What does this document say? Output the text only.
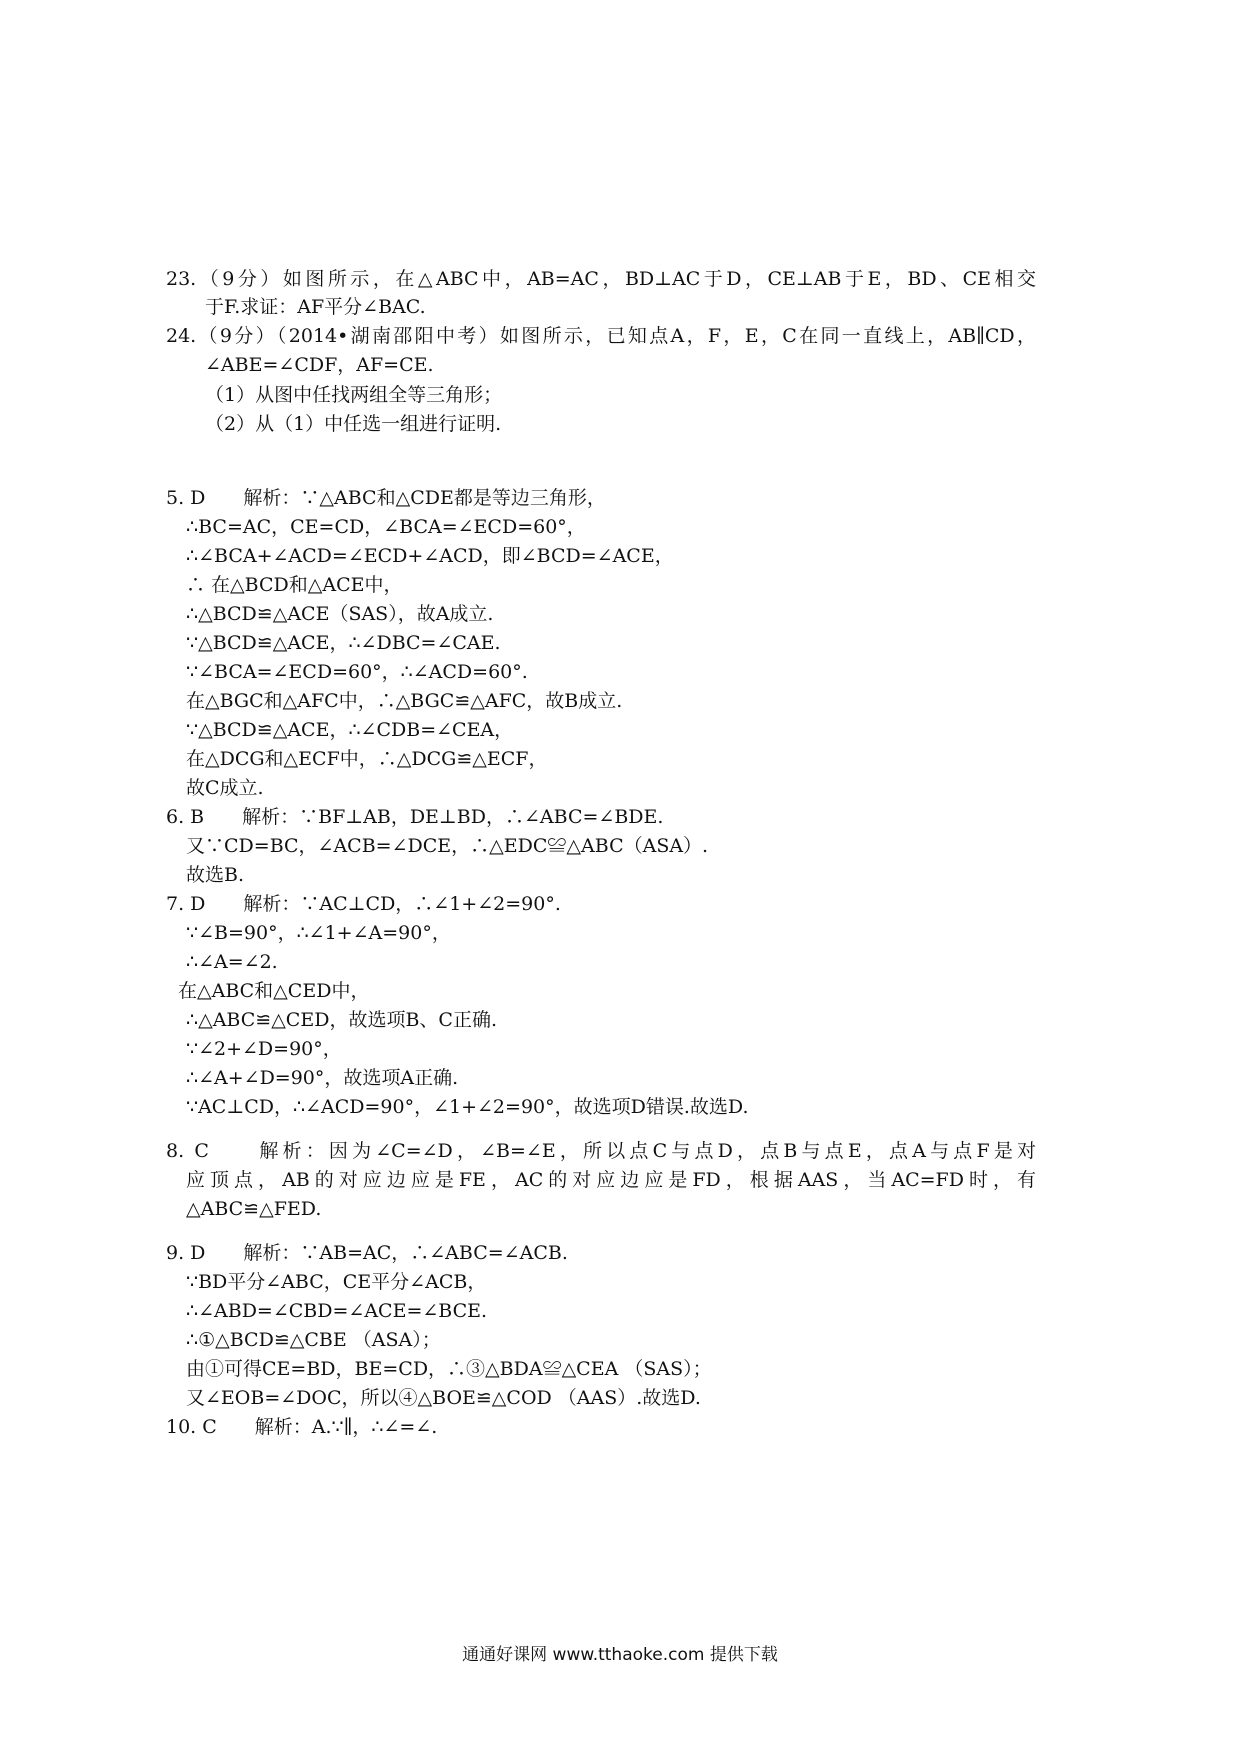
23.（9分）如图所示，在△ABC中，AB=AC，BD⊥AC于D，CE⊥AB于E，BD、CE相交
于F.求证：AF平分∠BAC.
24.（9分）（2014•湖南邵阳中考）如图所示，已知点A，F，E，C在同一直线上，AB∥CD，
∠ABE=∠CDF，AF=CE.
（1）从图中任找两组全等三角形；
（2）从（1）中任选一组进行证明.
5. D　　解析：∵△ABC和△CDE都是等边三角形，
∴BC=AC，CE=CD，∠BCA=∠ECD=60°，
∴∠BCA+∠ACD=∠ECD+∠ACD，即∠BCD=∠ACE，
∴ 在△BCD和△ACE中，
∴△BCD≌△ACE（SAS），故A成立.
∵△BCD≌△ACE，∴∠DBC=∠CAE.
∵∠BCA=∠ECD=60°，∴∠ACD=60°.
在△BGC和△AFC中，∴△BGC≌△AFC，故B成立.
∵△BCD≌△ACE，∴∠CDB=∠CEA，
在△DCG和△ECF中，∴△DCG≌△ECF，
故C成立.
6. B　　解析：∵BF⊥AB，DE⊥BD，∴∠ABC=∠BDE.
又∵CD=BC，∠ACB=∠DCE，∴△EDC≌△ABC（ASA）.
故选B.
7. D　　解析：∵AC⊥CD，∴∠1+∠2=90°.
∵∠B=90°，∴∠1+∠A=90°，
∴∠A=∠2.
在△ABC和△CED中，
∴△ABC≌△CED，故选项B、C正确.
∵∠2+∠D=90°，
∴∠A+∠D=90°，故选项A正确.
∵AC⊥CD，∴∠ACD=90°，∠1+∠2=90°，故选项D错误.故选D.
8. C　　解析：因为∠C=∠D，∠B=∠E，所以点C与点D，点B与点E，点A与点F是对
应顶点，AB的对应边应是FE，AC的对应边应是FD，根据AAS，当AC=FD时，有
△ABC≌△FED.
9. D　　解析：∵AB=AC，∴∠ABC=∠ACB.
∵BD平分∠ABC，CE平分∠ACB，
∴∠ABD=∠CBD=∠ACE=∠BCE.
∴①△BCD≌△CBE （ASA）；
由①可得CE=BD，BE=CD，∴③△BDA≌△CEA （SAS）；
又∠EOB=∠DOC，所以④△BOE≌△COD （AAS）.故选D.
10. C　　解析：A.∵∥，∴∠=∠.
通通好课网 www.tthaoke.com 提供下载
